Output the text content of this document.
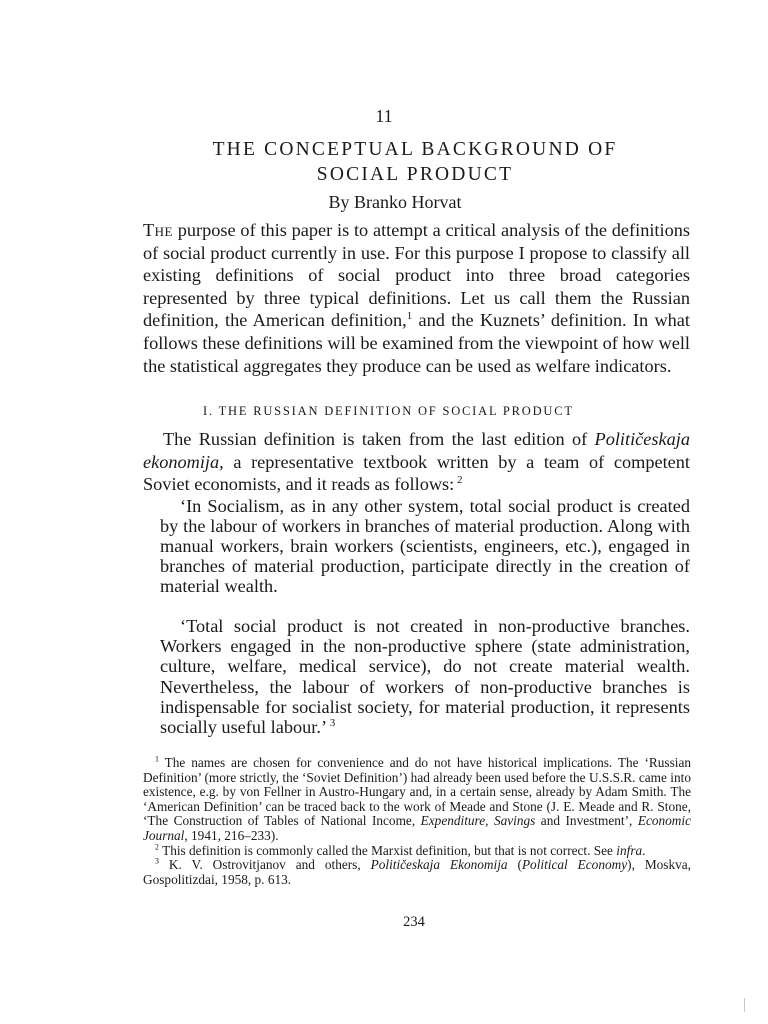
11
THE CONCEPTUAL BACKGROUND OF
SOCIAL PRODUCT
By Branko Horvat

The purpose of this paper is to attempt a critical analysis of the definitions of social product currently in use. For this purpose I propose to classify all existing definitions of social product into three broad categories represented by three typical definitions. Let us call them the Russian definition, the American definition,$^1$ and the Kuznets’ definition. In what follows these definitions will be examined from the viewpoint of how well the statistical aggregates they produce can be used as welfare indicators.

I. THE RUSSIAN DEFINITION OF SOCIAL PRODUCT

The Russian definition is taken from the last edition of Političeskaja ekonomija, a representative textbook written by a team of competent Soviet economists, and it reads as follows: $^2$

‘In Socialism, as in any other system, total social product is created by the labour of workers in branches of material production. Along with manual workers, brain workers (scientists, engineers, etc.), engaged in branches of material production, participate directly in the creation of material wealth.

‘Total social product is not created in non-productive branches. Workers engaged in the non-productive sphere (state administration, culture, welfare, medical service), do not create material wealth. Nevertheless, the labour of workers of non-productive branches is indispensable for socialist society, for material production, it represents socially useful labour.’ $^3$

$^1$ The names are chosen for convenience and do not have historical implications. The ‘Russian Definition’ (more strictly, the ‘Soviet Definition’) had already been used before the U.S.S.R. came into existence, e.g. by von Fellner in Austro-Hungary and, in a certain sense, already by Adam Smith. The ‘American Definition’ can be traced back to the work of Meade and Stone (J. E. Meade and R. Stone, ‘The Construction of Tables of National Income, Expenditure, Savings and Investment’, Economic Journal, 1941, 216–233).

$^2$ This definition is commonly called the Marxist definition, but that is not correct. See infra.

$^3$ K. V. Ostrovitjanov and others, Političeskaja Ekonomija (Political Economy), Moskva, Gospolitizdai, 1958, p. 613.

234
